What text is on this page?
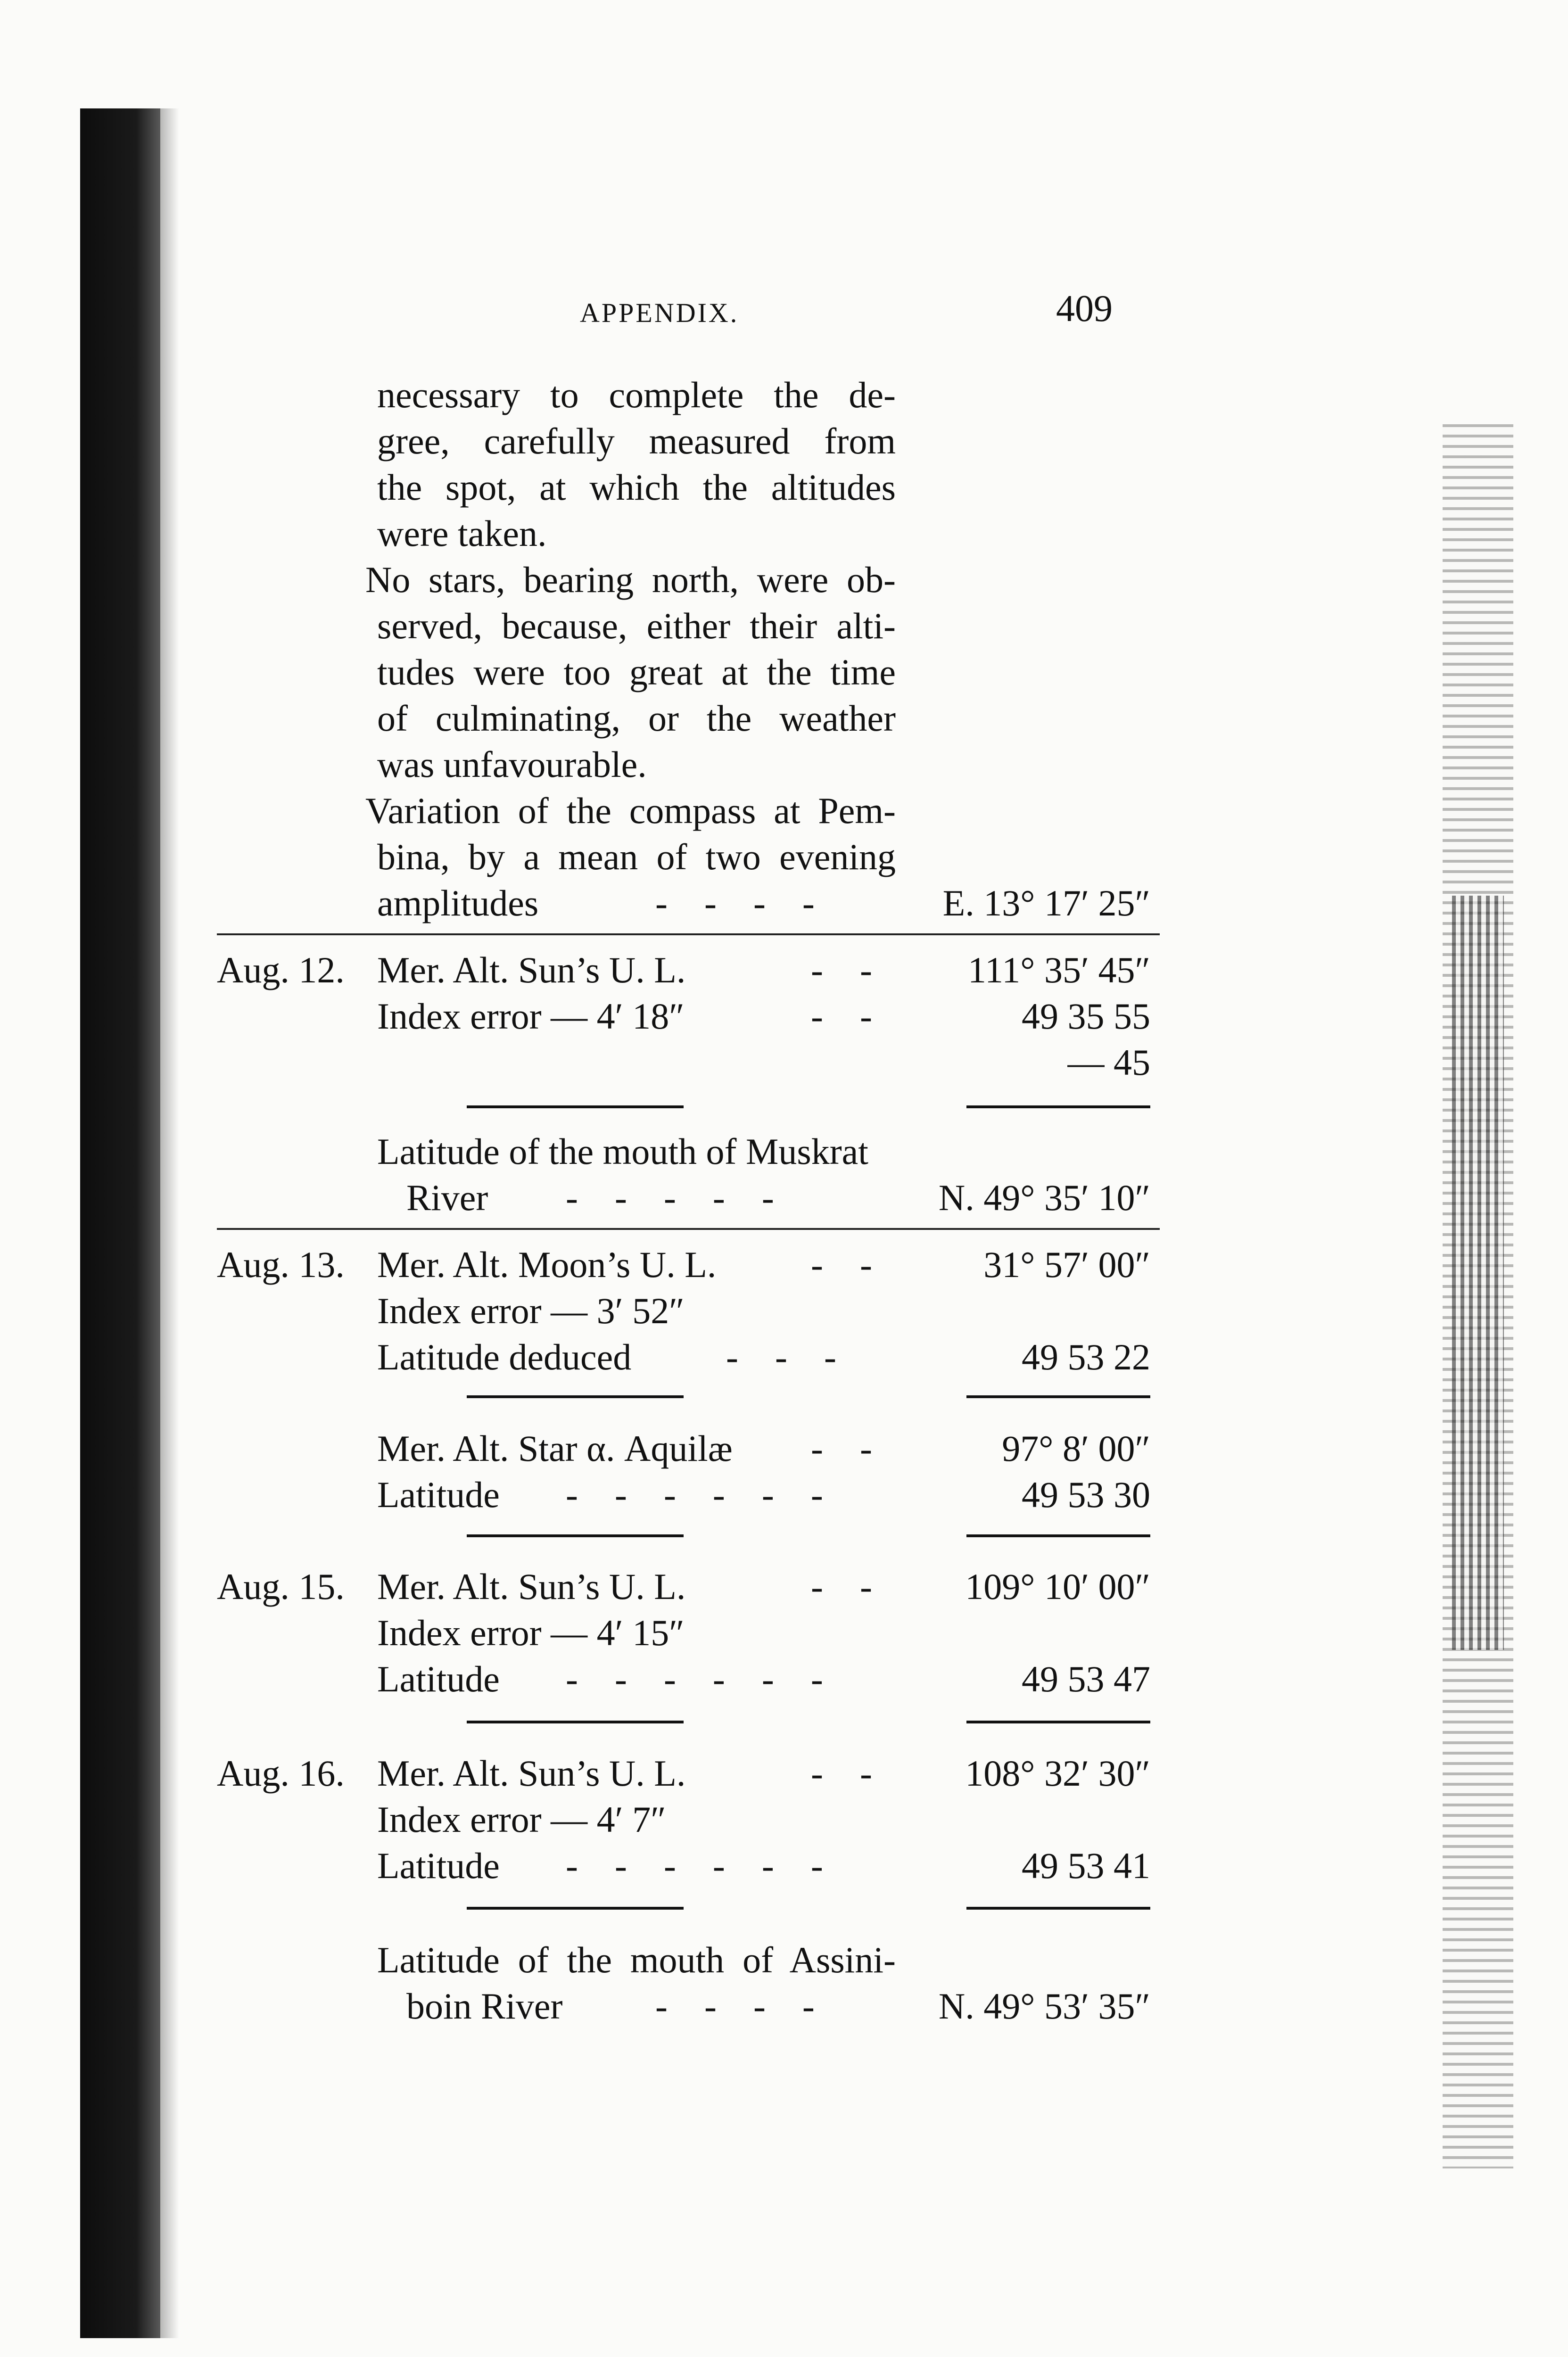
APPENDIX.	409
necessary to complete the de-
gree, carefully measured from
the spot, at which the altitudes
were taken.
No stars, bearing north, were ob-
served, because, either their alti-
tudes were too great at the time
of culminating, or the weather
was unfavourable.
Variation of the compass at Pem-
bina, by a mean of two evening
amplitudes	-    -    -    -	E. 13° 17′ 25″
Aug. 12. Mer. Alt. Sun’s U. L.	-    -	111° 35′ 45″
Index error — 4′ 18″	-    -	49 35 55
— 45
Latitude of the mouth of Muskrat
River -    -    -    -    -	N. 49° 35′ 10″
Aug. 13. Mer. Alt. Moon’s U. L.	-    -	31° 57′ 00″
Index error — 3′ 52″
Latitude deduced	-    -    -	49 53 22
Mer. Alt. Star α. Aquilæ -    -	97° 8′ 00″
Latitude -    -    -    -    -    -	49 53 30
Aug. 15. Mer. Alt. Sun’s U. L.	-    -	109° 10′ 00″
Index error — 4′ 15″
Latitude -    -    -    -    -    -	49 53 47
Aug. 16. Mer. Alt. Sun’s U. L.	-    -	108° 32′ 30″
Index error — 4′ 7″
Latitude -    -    -    -    -    -	49 53 41
Latitude of the mouth of Assini-
boin River	-    -    -    -	N. 49° 53′ 35″
